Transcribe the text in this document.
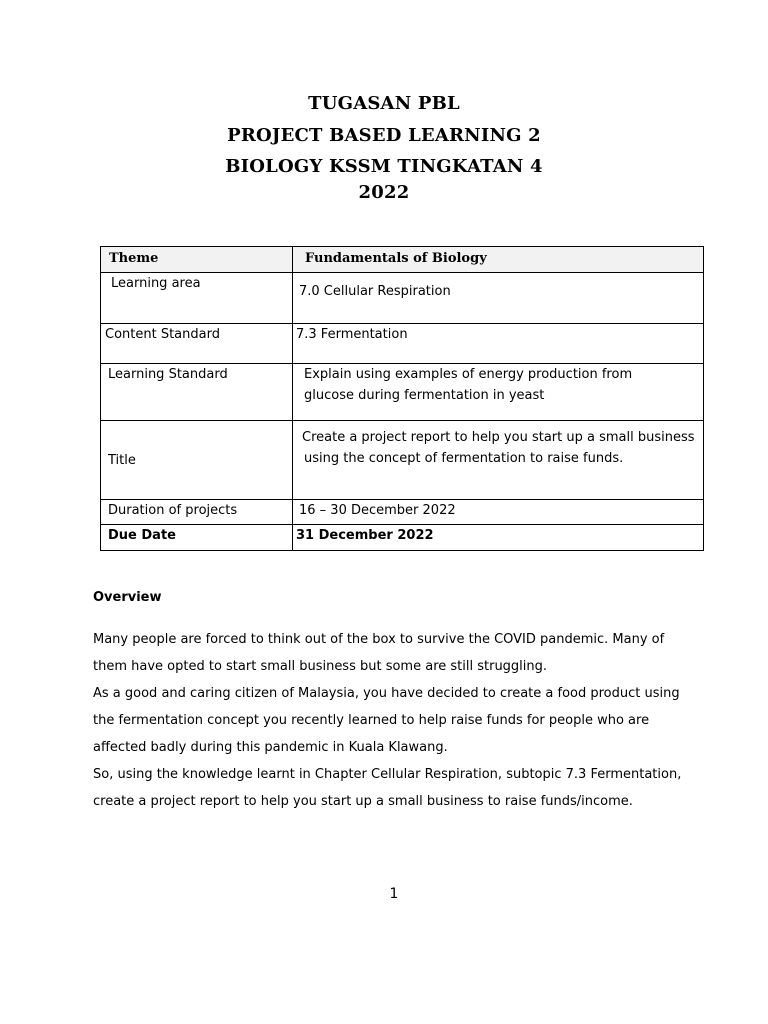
TUGASAN PBL
PROJECT BASED LEARNING 2
BIOLOGY KSSM TINGKATAN 4
2022
Theme	Fundamentals of Biology

Learning area	7.0 Cellular Respiration

Content Standard	7.3 Fermentation

Learning Standard	Explain using examples of energy production from
glucose during fermentation in yeast

Title	Create a project report to help you start up a small business
using the concept of fermentation to raise funds.

Duration of projects	16 – 30 December 2022

Due Date	31 December 2022
Overview
Many people are forced to think out of the box to survive the COVID pandemic. Many of
them have opted to start small business but some are still struggling.
As a good and caring citizen of Malaysia, you have decided to create a food product using
the fermentation concept you recently learned to help raise funds for people who are
affected badly during this pandemic in Kuala Klawang.
So, using the knowledge learnt in Chapter Cellular Respiration, subtopic 7.3 Fermentation,
create a project report to help you start up a small business to raise funds/income.
1
